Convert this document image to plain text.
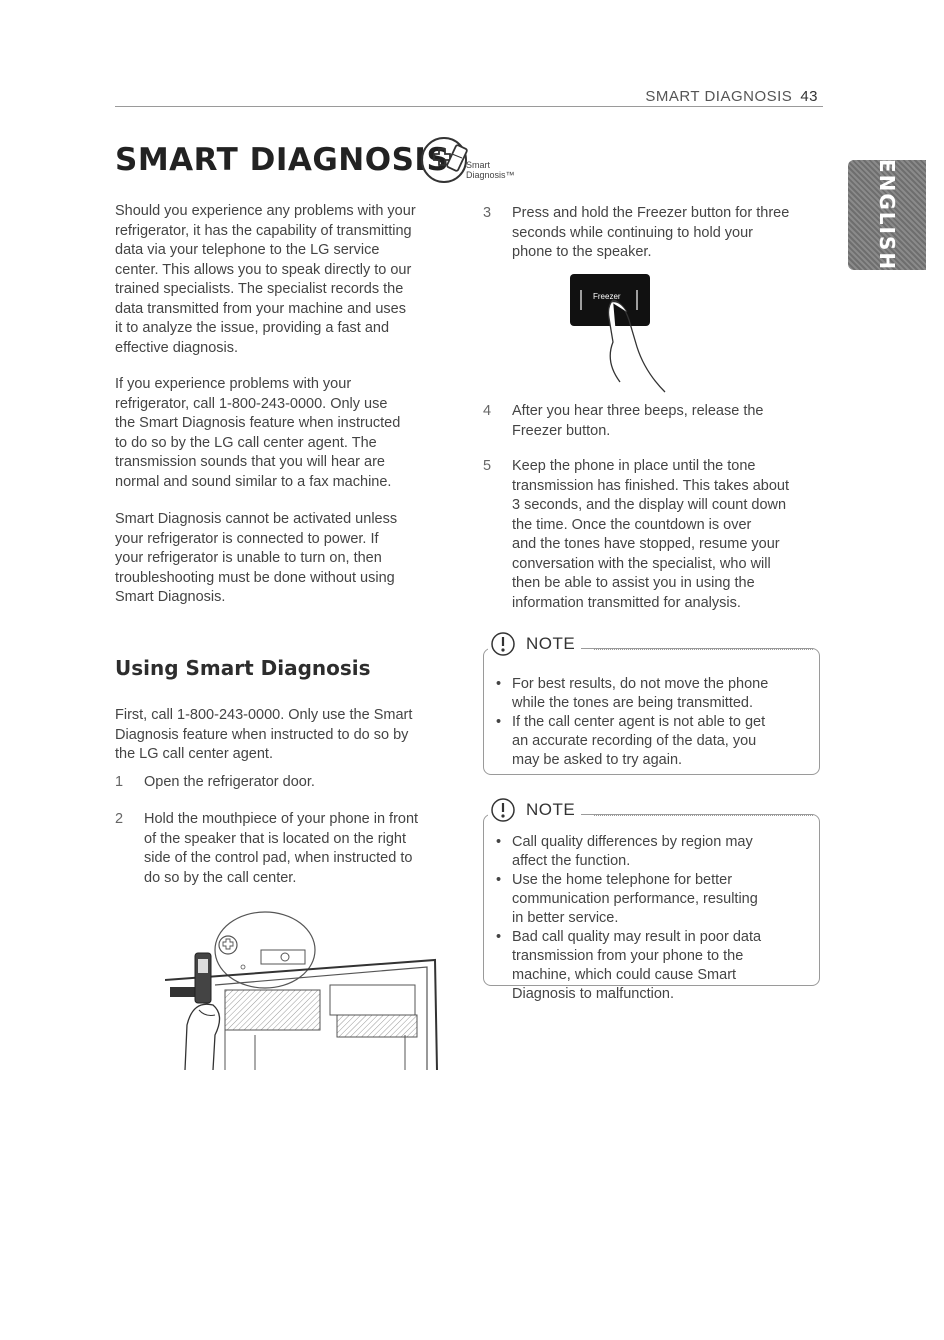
SMART DIAGNOSIS 43
ENGLISH
SMART DIAGNOSIS Smart
Diagnosis™

Should you experience any problems with your
refrigerator, it has the capability of transmitting
data via your telephone to the LG service
center. This allows you to speak directly to our
trained specialists. The specialist records the
data transmitted from your machine and uses
it to analyze the issue, providing a fast and
effective diagnosis.

If you experience problems with your
refrigerator, call 1-800-243-0000. Only use
the Smart Diagnosis feature when instructed
to do so by the LG call center agent. The
transmission sounds that you will hear are
normal and sound similar to a fax machine.

Smart Diagnosis cannot be activated unless
your refrigerator is connected to power. If
your refrigerator is unable to turn on, then
troubleshooting must be done without using
Smart Diagnosis.

Using Smart Diagnosis

First, call 1-800-243-0000. Only use the Smart
Diagnosis feature when instructed to do so by
the LG call center agent.

1 Open the refrigerator door.
2 Hold the mouthpiece of your phone in front
of the speaker that is located on the right
side of the control pad, when instructed to
do so by the call center.
3 Press and hold the Freezer button for three
seconds while continuing to hold your
phone to the speaker.
Freezer
4 After you hear three beeps, release the
Freezer button.
5 Keep the phone in place until the tone
transmission has finished. This takes about
3 seconds, and the display will count down
the time. Once the countdown is over
and the tones have stopped, resume your
conversation with the specialist, who will
then be able to assist you in using the
information transmitted for analysis.
NOTE
• For best results, do not move the phone
while the tones are being transmitted.
• If the call center agent is not able to get
an accurate recording of the data, you
may be asked to try again.
NOTE
• Call quality differences by region may
affect the function.
• Use the home telephone for better
communication performance, resulting
in better service.
• Bad call quality may result in poor data
transmission from your phone to the
machine, which could cause Smart
Diagnosis to malfunction.
